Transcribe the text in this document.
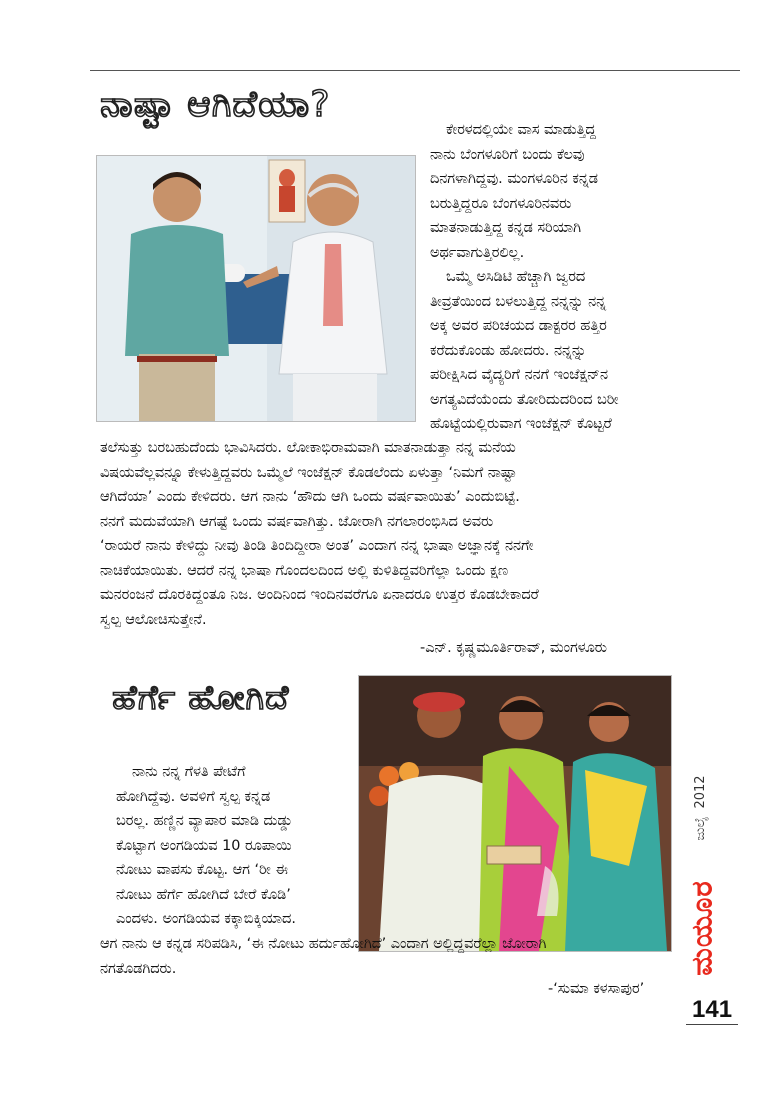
ನಾಷ್ಟಾ ಆಗಿದೆಯಾ?
ಕೇರಳದಲ್ಲಿಯೇ ವಾಸ ಮಾಡುತ್ತಿದ್ದ
ನಾನು ಬೆಂಗಳೂರಿಗೆ ಬಂದು ಕೆಲವು
ದಿನಗಳಾಗಿದ್ದವು. ಮಂಗಳೂರಿನ ಕನ್ನಡ
ಬರುತ್ತಿದ್ದರೂ ಬೆಂಗಳೂರಿನವರು
ಮಾತನಾಡುತ್ತಿದ್ದ ಕನ್ನಡ ಸರಿಯಾಗಿ
ಅರ್ಥವಾಗುತ್ತಿರಲಿಲ್ಲ.
ಒಮ್ಮೆ ಅಸಿಡಿಟಿ ಹೆಚ್ಚಾಗಿ ಜ್ವರದ
ತೀವ್ರತೆಯಿಂದ ಬಳಲುತ್ತಿದ್ದ ನನ್ನನ್ನು ನನ್ನ
ಅಕ್ಕ ಅವರ ಪರಿಚಯದ ಡಾಕ್ಟರರ ಹತ್ತಿರ
ಕರೆದುಕೊಂಡು ಹೋದರು. ನನ್ನನ್ನು
ಪರೀಕ್ಷಿಸಿದ ವೈದ್ಯರಿಗೆ ನನಗೆ ಇಂಜೆಕ್ಷನ್‌ನ
ಅಗತ್ಯವಿದೆಯೆಂದು ತೋರಿದುದರಿಂದ ಬರೀ
ಹೊಟ್ಟೆಯಲ್ಲಿರುವಾಗ ಇಂಜೆಕ್ಷನ್ ಕೊಟ್ಟರೆ
ತಲೆಸುತ್ತು ಬರಬಹುದೆಂದು ಭಾವಿಸಿದರು. ಲೋಕಾಭಿರಾಮವಾಗಿ ಮಾತನಾಡುತ್ತಾ ನನ್ನ ಮನೆಯ
ವಿಷಯವೆಲ್ಲವನ್ನೂ ಕೇಳುತ್ತಿದ್ದವರು ಒಮ್ಮೆಲೆ ಇಂಜೆಕ್ಷನ್ ಕೊಡಲೆಂದು ಏಳುತ್ತಾ ‘ನಿಮಗೆ ನಾಷ್ಟಾ
ಆಗಿದೆಯಾ’ ಎಂದು ಕೇಳಿದರು. ಆಗ ನಾನು ‘ಹೌದು ಆಗಿ ಒಂದು ವರ್ಷವಾಯಿತು’ ಎಂದುಬಿಟ್ಟೆ.
ನನಗೆ ಮದುವೆಯಾಗಿ ಆಗಷ್ಟೆ ಒಂದು ವರ್ಷವಾಗಿತ್ತು. ಜೋರಾಗಿ ನಗಲಾರಂಭಿಸಿದ ಅವರು
‘ರಾಯರೆ ನಾನು ಕೇಳಿದ್ದು ನೀವು ತಿಂಡಿ ತಿಂದಿದ್ದೀರಾ ಅಂತ’ ಎಂದಾಗ ನನ್ನ ಭಾಷಾ ಅಜ್ಞಾನಕ್ಕೆ ನನಗೇ
ನಾಚಿಕೆಯಾಯಿತು. ಆದರೆ ನನ್ನ ಭಾಷಾ ಗೊಂದಲದಿಂದ ಅಲ್ಲಿ ಕುಳಿತಿದ್ದವರಿಗೆಲ್ಲಾ ಒಂದು ಕ್ಷಣ
ಮನರಂಜನೆ ದೊರಕಿದ್ದಂತೂ ನಿಜ. ಅಂದಿನಿಂದ ಇಂದಿನವರೆಗೂ ಏನಾದರೂ ಉತ್ತರ ಕೊಡಬೇಕಾದರೆ
ಸ್ವಲ್ಪ ಆಲೋಚಿಸುತ್ತೇನೆ.
-ಎನ್. ಕೃಷ್ಣಮೂರ್ತಿರಾವ್, ಮಂಗಳೂರು
ಹೆರ್ಗೆ ಹೋಗಿದೆ
ನಾನು ನನ್ನ ಗೆಳತಿ ಪೇಟೆಗೆ
ಹೋಗಿದ್ದೆವು. ಅವಳಿಗೆ ಸ್ವಲ್ಪ ಕನ್ನಡ
ಬರಲ್ಲ. ಹಣ್ಣಿನ ವ್ಯಾಪಾರ ಮಾಡಿ ದುಡ್ಡು
ಕೊಟ್ಟಾಗ ಅಂಗಡಿಯವ 10 ರೂಪಾಯಿ
ನೋಟು ವಾಪಸು ಕೊಟ್ಟ. ಆಗ ‘ರೀ ಈ
ನೋಟು ಹೆರ್ಗೆ ಹೋಗಿದೆ ಬೇರೆ ಕೊಡಿ’
ಎಂದಳು. ಅಂಗಡಿಯವ ಕಕ್ಕಾಬಿಕ್ಕಿಯಾದ.
ಆಗ ನಾನು ಆ ಕನ್ನಡ ಸರಿಪಡಿಸಿ, ‘ಈ ನೋಟು ಹರ್ದುಹೋಗಿದೆ’ ಎಂದಾಗ ಅಲ್ಲಿದ್ದವರೆಲ್ಲಾ ಜೋರಾಗಿ
ನಗತೊಡಗಿದರು.
-‘ಸುಮಾ ಕಳಸಾಪುರ’
ಜುಲೈ2012
ಮಯೂರ
141
